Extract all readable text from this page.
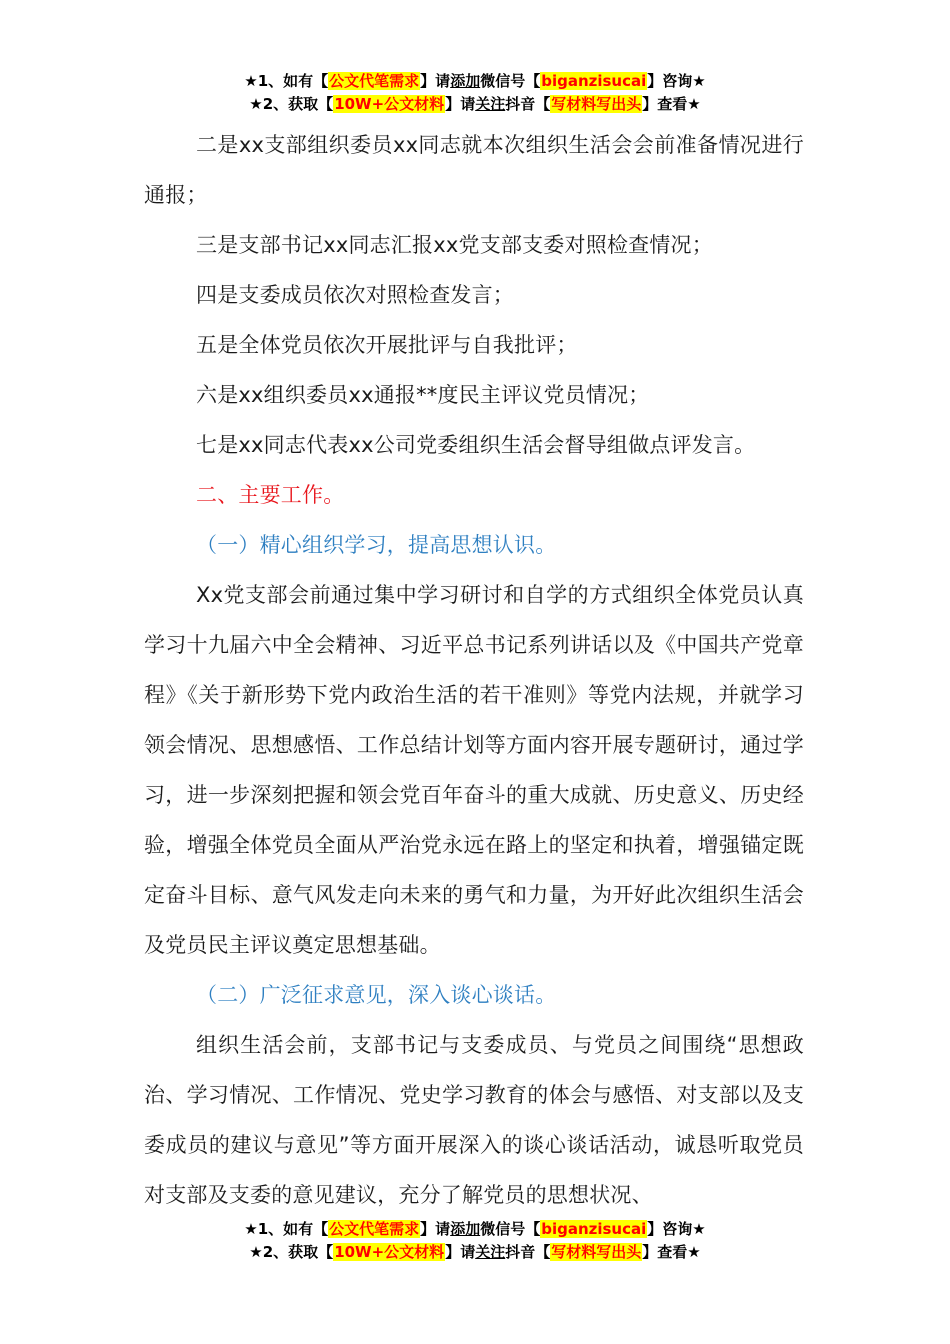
★1、如有【公文代笔需求】请添加微信号【biganzisucai】咨询★
★2、获取【10W+公文材料】请关注抖音【写材料写出头】查看★

二是xx支部组织委员xx同志就本次组织生活会会前准备情况进行通报；

三是支部书记xx同志汇报xx党支部支委对照检查情况；

四是支委成员依次对照检查发言；

五是全体党员依次开展批评与自我批评；

六是xx组织委员xx通报**度民主评议党员情况；

七是xx同志代表xx公司党委组织生活会督导组做点评发言。

二、主要工作。

（一）精心组织学习，提高思想认识。

Xx党支部会前通过集中学习研讨和自学的方式组织全体党员认真学习十九届六中全会精神、习近平总书记系列讲话以及《中国共产党章程》《关于新形势下党内政治生活的若干准则》等党内法规，并就学习领会情况、思想感悟、工作总结计划等方面内容开展专题研讨，通过学习，进一步深刻把握和领会党百年奋斗的重大成就、历史意义、历史经验，增强全体党员全面从严治党永远在路上的坚定和执着，增强锚定既定奋斗目标、意气风发走向未来的勇气和力量，为开好此次组织生活会及党员民主评议奠定思想基础。

（二）广泛征求意见，深入谈心谈话。

组织生活会前，支部书记与支委成员、与党员之间围绕“思想政治、学习情况、工作情况、党史学习教育的体会与感悟、对支部以及支委成员的建议与意见”等方面开展深入的谈心谈话活动，诚恳听取党员对支部及支委的意见建议，充分了解党员的思想状况、

★1、如有【公文代笔需求】请添加微信号【biganzisucai】咨询★
★2、获取【10W+公文材料】请关注抖音【写材料写出头】查看★
